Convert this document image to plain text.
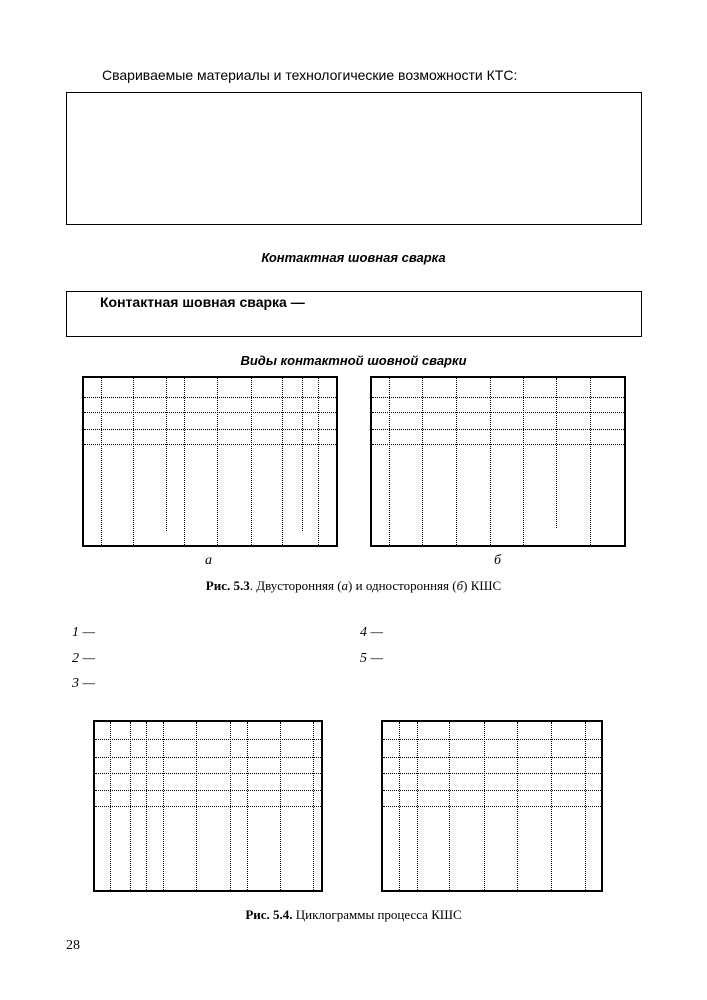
Свариваемые материалы и технологические возможности КТС:
Контактная шовная сварка
Контактная шовная сварка —
Виды контактной шовной сварки
а	б
Рис. 5.3. Двусторонняя (а) и односторонняя (б) КШС
1 —
2 —
3 —
4 —
5 —
Рис. 5.4. Циклограммы процесса КШС
28
